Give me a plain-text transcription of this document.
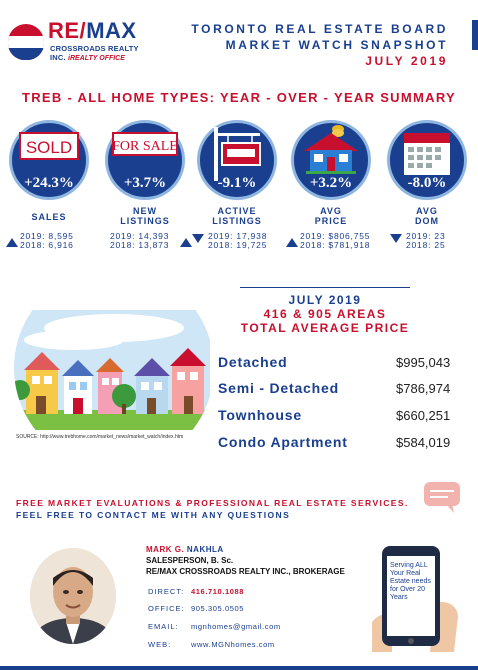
RE/MAX
CROSSROADS REALTY INC. iREALTY OFFICE
TORONTO REAL ESTATE BOARD
MARKET WATCH SNAPSHOT
JULY 2019
TREB - ALL HOME TYPES: YEAR - OVER - YEAR SUMMARY
SOLD
+24.3%
SALES
2019: 8,595
2018: 6,916
FOR SALE
+3.7%
NEW
LISTINGS
2019: 14,393
2018: 13,873
-9.1%
ACTIVE
LISTINGS
2019: 17,938
2018: 19,725
+3.2%
AVG
PRICE
2019: $806,755
2018: $781,918
-8.0%
AVG
DOM
2019: 23
2018: 25
JULY 2019
416 & 905 AREAS
TOTAL AVERAGE PRICE
Detached	$995,043
Semi - Detached	$786,974
Townhouse	$660,251
Condo Apartment	$584,019
SOURCE: http://www.trebhome.com/market_news/market_watch/index.htm
FREE MARKET EVALUATIONS & PROFESSIONAL REAL ESTATE SERVICES.
FEEL FREE TO CONTACT ME WITH ANY QUESTIONS
MARK G. NAKHLA
SALESPERSON, B. Sc.
RE/MAX CROSSROADS REALTY INC., BROKERAGE
DIRECT: 416.710.1088
OFFICE: 905.305.0505
EMAIL: mgnhomes@gmail.com
WEB:	www.MGNhomes.com
Serving ALL
Your Real
Estate needs
for Over 20
Years
